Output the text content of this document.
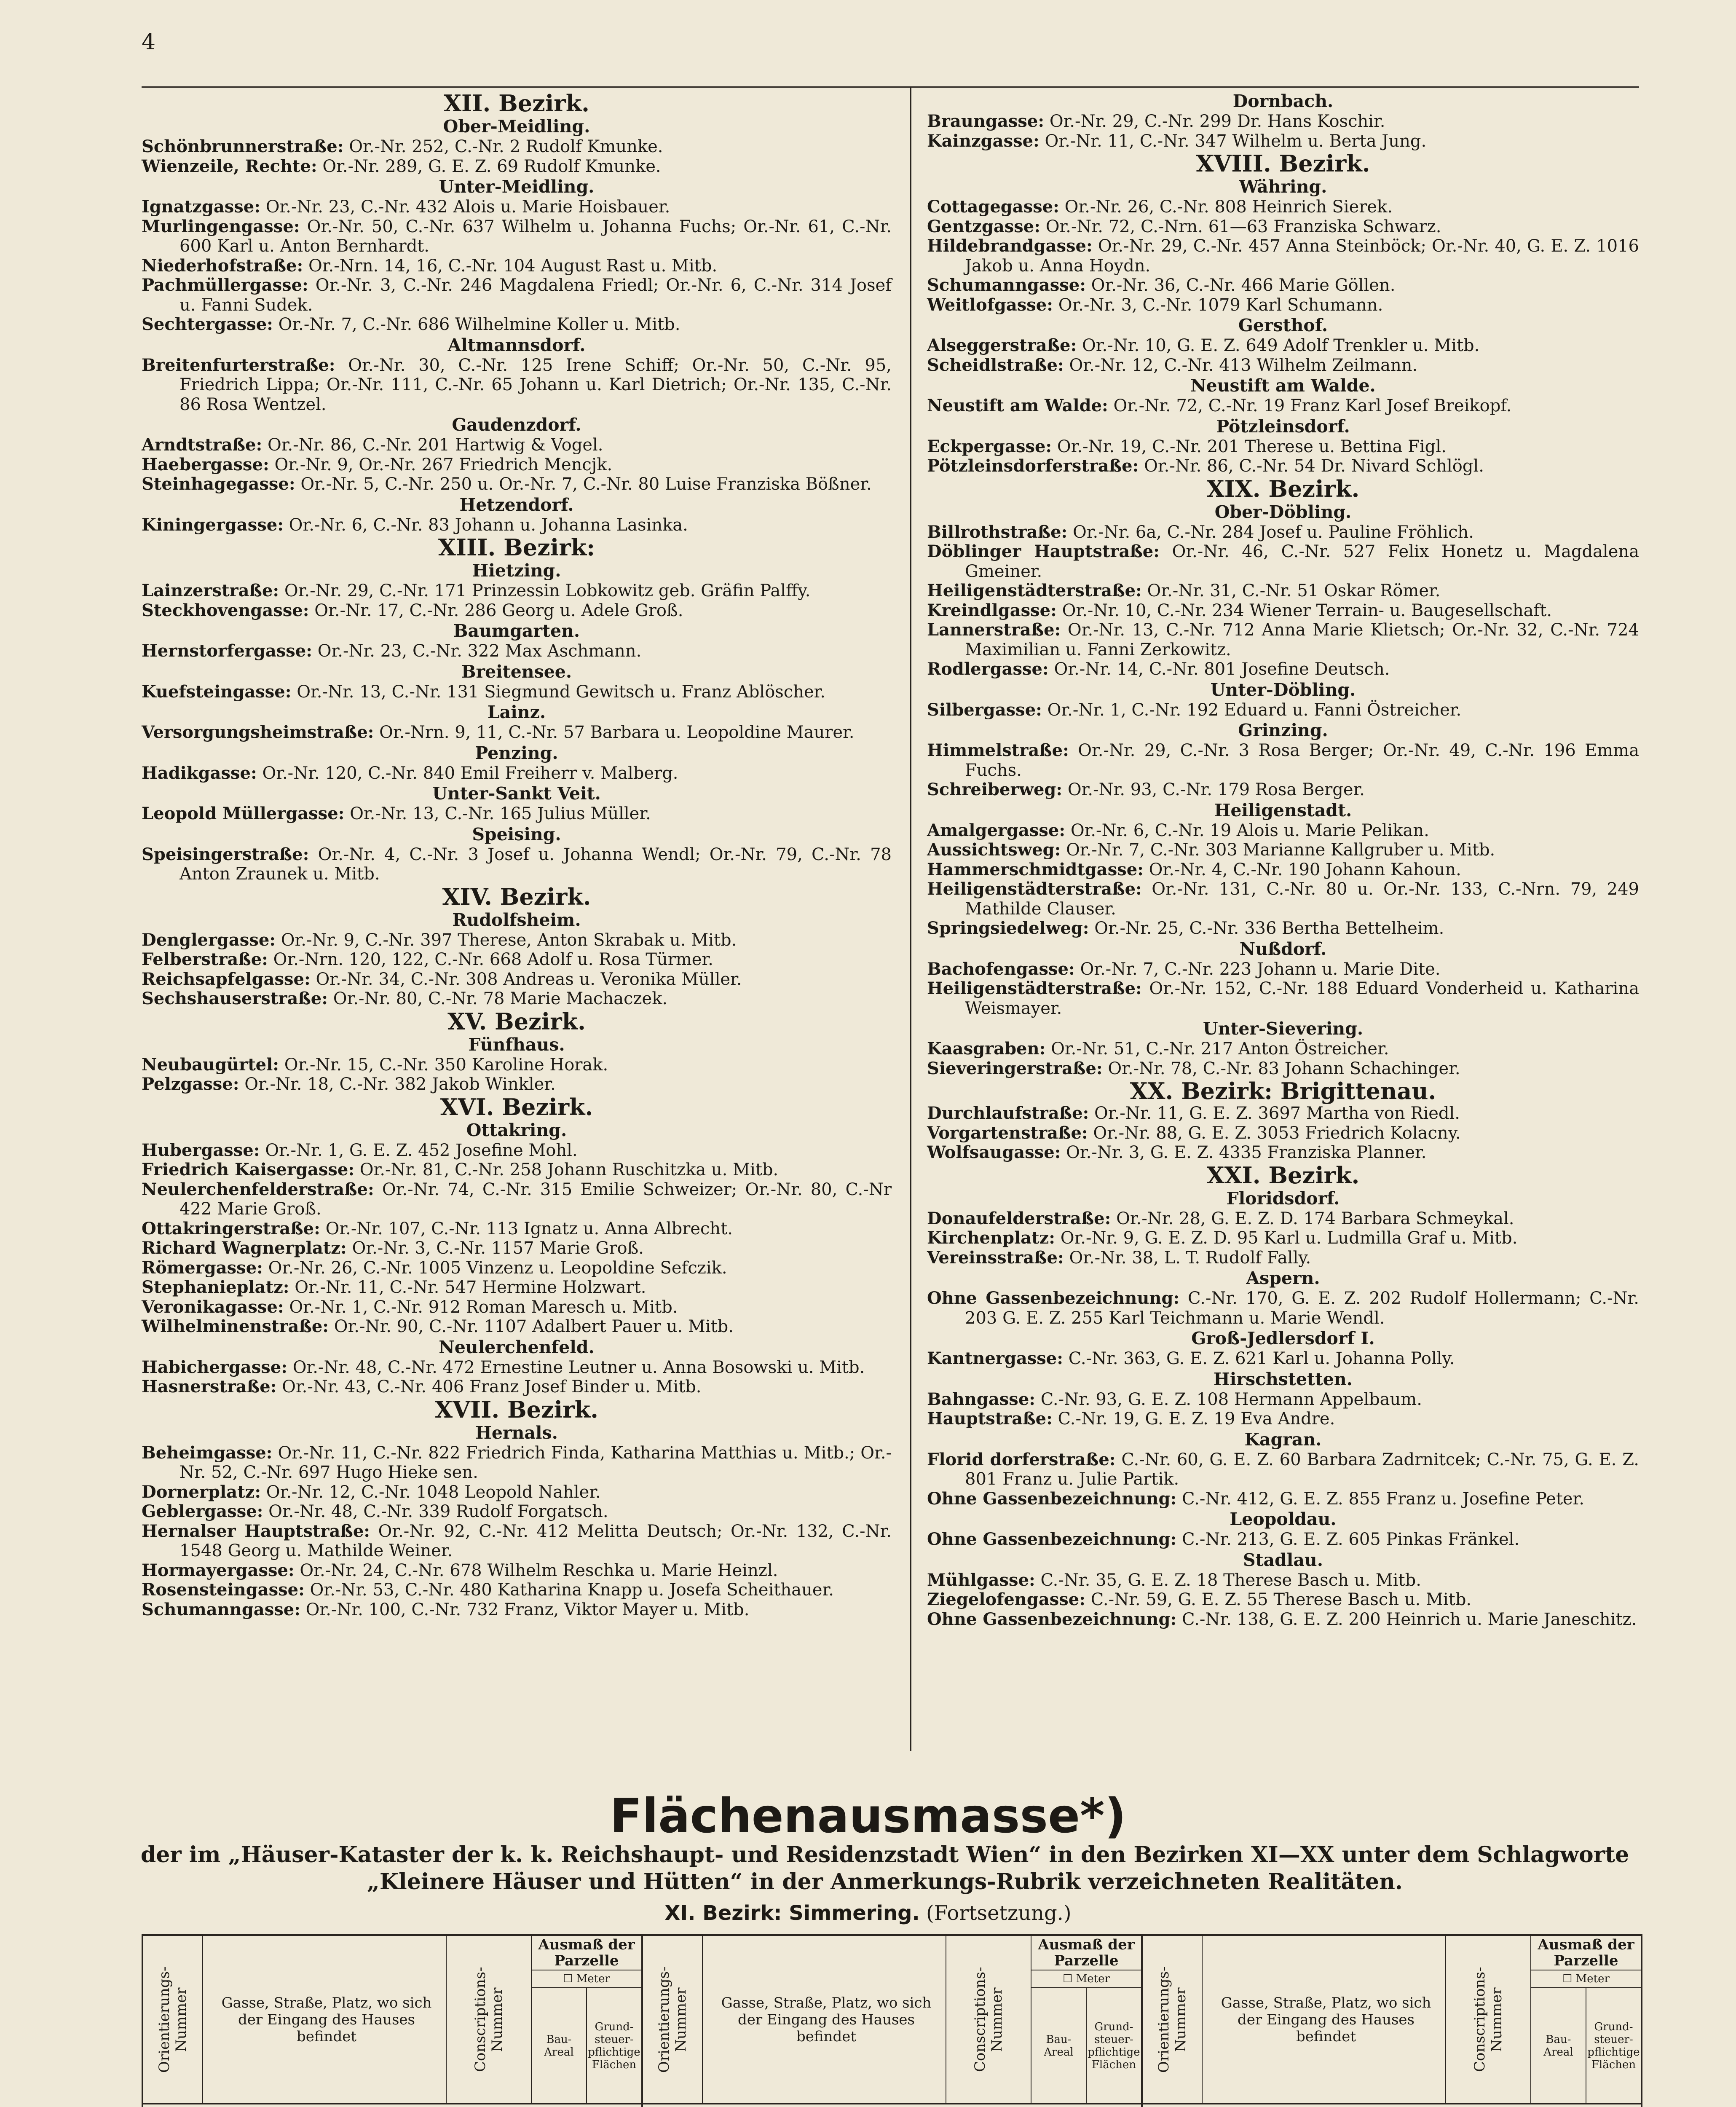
4
XII. Bezirk.
Ober-Meidling.
Schönbrunnerstraße: Or.-Nr. 252, C.-Nr. 2 Rudolf Kmunke.
Wienzeile, Rechte: Or.-Nr. 289, G. E. Z. 69 Rudolf Kmunke.
Unter-Meidling.
Ignatzgasse: Or.-Nr. 23, C.-Nr. 432 Alois u. Marie Hoisbauer.
Murlingengasse: Or.-Nr. 50, C.-Nr. 637 Wilhelm u. Johanna Fuchs; Or.-Nr. 61, C.-Nr. 600 Karl u. Anton Bernhardt.
Niederhofstraße: Or.-Nrn. 14, 16, C.-Nr. 104 August Rast u. Mitb.
Pachmüllergasse: Or.-Nr. 3, C.-Nr. 246 Magdalena Friedl; Or.-Nr. 6, C.-Nr. 314 Josef u. Fanni Sudek.
Sechtergasse: Or.-Nr. 7, C.-Nr. 686 Wilhelmine Koller u. Mitb.
Altmannsdorf.
Breitenfurterstraße: Or.-Nr. 30, C.-Nr. 125 Irene Schiff; Or.-Nr. 50, C.-Nr. 95, Friedrich Lippa; Or.-Nr. 111, C.-Nr. 65 Johann u. Karl Dietrich; Or.-Nr. 135, C.-Nr. 86 Rosa Wentzel.
Gaudenzdorf.
Arndtstraße: Or.-Nr. 86, C.-Nr. 201 Hartwig & Vogel.
Haebergasse: Or.-Nr. 9, Or.-Nr. 267 Friedrich Mencjk.
Steinhagegasse: Or.-Nr. 5, C.-Nr. 250 u. Or.-Nr. 7, C.-Nr. 80 Luise Franziska Bößner.
Hetzendorf.
Kiningergasse: Or.-Nr. 6, C.-Nr. 83 Johann u. Johanna Lasinka.
XIII. Bezirk:
Hietzing.
Lainzerstraße: Or.-Nr. 29, C.-Nr. 171 Prinzessin Lobkowitz geb. Gräfin Palffy.
Steckhovengasse: Or.-Nr. 17, C.-Nr. 286 Georg u. Adele Groß.
Baumgarten.
Hernstorfergasse: Or.-Nr. 23, C.-Nr. 322 Max Aschmann.
Breitensee.
Kuefsteingasse: Or.-Nr. 13, C.-Nr. 131 Siegmund Gewitsch u. Franz Ablöscher.
Lainz.
Versorgungsheimstraße: Or.-Nrn. 9, 11, C.-Nr. 57 Barbara u. Leopoldine Maurer.
Penzing.
Hadikgasse: Or.-Nr. 120, C.-Nr. 840 Emil Freiherr v. Malberg.
Unter-Sankt Veit.
Leopold Müllergasse: Or.-Nr. 13, C.-Nr. 165 Julius Müller.
Speising.
Speisingerstraße: Or.-Nr. 4, C.-Nr. 3 Josef u. Johanna Wendl; Or.-Nr. 79, C.-Nr. 78 Anton Zraunek u. Mitb.
XIV. Bezirk.
Rudolfsheim.
Denglergasse: Or.-Nr. 9, C.-Nr. 397 Therese, Anton Skrabak u. Mitb.
Felberstraße: Or.-Nrn. 120, 122, C.-Nr. 668 Adolf u. Rosa Türmer.
Reichsapfelgasse: Or.-Nr. 34, C.-Nr. 308 Andreas u. Veronika Müller.
Sechshauserstraße: Or.-Nr. 80, C.-Nr. 78 Marie Machaczek.
XV. Bezirk.
Fünfhaus.
Neubaugürtel: Or.-Nr. 15, C.-Nr. 350 Karoline Horak.
Pelzgasse: Or.-Nr. 18, C.-Nr. 382 Jakob Winkler.
XVI. Bezirk.
Ottakring.
Hubergasse: Or.-Nr. 1, G. E. Z. 452 Josefine Mohl.
Friedrich Kaisergasse: Or.-Nr. 81, C.-Nr. 258 Johann Ruschitzka u. Mitb.
Neulerchenfelderstraße: Or.-Nr. 74, C.-Nr. 315 Emilie Schweizer; Or.-Nr. 80, C.-Nr 422 Marie Groß.
Ottakringerstraße: Or.-Nr. 107, C.-Nr. 113 Ignatz u. Anna Albrecht.
Richard Wagnerplatz: Or.-Nr. 3, C.-Nr. 1157 Marie Groß.
Römergasse: Or.-Nr. 26, C.-Nr. 1005 Vinzenz u. Leopoldine Sefczik.
Stephanieplatz: Or.-Nr. 11, C.-Nr. 547 Hermine Holzwart.
Veronikagasse: Or.-Nr. 1, C.-Nr. 912 Roman Maresch u. Mitb.
Wilhelminenstraße: Or.-Nr. 90, C.-Nr. 1107 Adalbert Pauer u. Mitb.
Neulerchenfeld.
Habichergasse: Or.-Nr. 48, C.-Nr. 472 Ernestine Leutner u. Anna Bosowski u. Mitb.
Hasnerstraße: Or.-Nr. 43, C.-Nr. 406 Franz Josef Binder u. Mitb.
XVII. Bezirk.
Hernals.
Beheimgasse: Or.-Nr. 11, C.-Nr. 822 Friedrich Finda, Katharina Matthias u. Mitb.; Or.-Nr. 52, C.-Nr. 697 Hugo Hieke sen.
Dornerplatz: Or.-Nr. 12, C.-Nr. 1048 Leopold Nahler.
Geblergasse: Or.-Nr. 48, C.-Nr. 339 Rudolf Forgatsch.
Hernalser Hauptstraße: Or.-Nr. 92, C.-Nr. 412 Melitta Deutsch; Or.-Nr. 132, C.-Nr. 1548 Georg u. Mathilde Weiner.
Hormayergasse: Or.-Nr. 24, C.-Nr. 678 Wilhelm Reschka u. Marie Heinzl.
Rosensteingasse: Or.-Nr. 53, C.-Nr. 480 Katharina Knapp u. Josefa Scheithauer.
Schumanngasse: Or.-Nr. 100, C.-Nr. 732 Franz, Viktor Mayer u. Mitb.
Dornbach.
Braungasse: Or.-Nr. 29, C.-Nr. 299 Dr. Hans Koschir.
Kainzgasse: Or.-Nr. 11, C.-Nr. 347 Wilhelm u. Berta Jung.
XVIII. Bezirk.
Währing.
Cottagegasse: Or.-Nr. 26, C.-Nr. 808 Heinrich Sierek.
Gentzgasse: Or.-Nr. 72, C.-Nrn. 61—63 Franziska Schwarz.
Hildebrandgasse: Or.-Nr. 29, C.-Nr. 457 Anna Steinböck; Or.-Nr. 40, G. E. Z. 1016 Jakob u. Anna Hoydn.
Schumanngasse: Or.-Nr. 36, C.-Nr. 466 Marie Göllen.
Weitlofgasse: Or.-Nr. 3, C.-Nr. 1079 Karl Schumann.
Gersthof.
Alseggerstraße: Or.-Nr. 10, G. E. Z. 649 Adolf Trenkler u. Mitb.
Scheidlstraße: Or.-Nr. 12, C.-Nr. 413 Wilhelm Zeilmann.
Neustift am Walde.
Neustift am Walde: Or.-Nr. 72, C.-Nr. 19 Franz Karl Josef Breikopf.
Pötzleinsdorf.
Eckpergasse: Or.-Nr. 19, C.-Nr. 201 Therese u. Bettina Figl.
Pötzleinsdorferstraße: Or.-Nr. 86, C.-Nr. 54 Dr. Nivard Schlögl.
XIX. Bezirk.
Ober-Döbling.
Billrothstraße: Or.-Nr. 6a, C.-Nr. 284 Josef u. Pauline Fröhlich.
Döblinger Hauptstraße: Or.-Nr. 46, C.-Nr. 527 Felix Honetz u. Magdalena Gmeiner.
Heiligenstädterstraße: Or.-Nr. 31, C.-Nr. 51 Oskar Römer.
Kreindlgasse: Or.-Nr. 10, C.-Nr. 234 Wiener Terrain- u. Baugesellschaft.
Lannerstraße: Or.-Nr. 13, C.-Nr. 712 Anna Marie Klietsch; Or.-Nr. 32, C.-Nr. 724 Maximilian u. Fanni Zerkowitz.
Rodlergasse: Or.-Nr. 14, C.-Nr. 801 Josefine Deutsch.
Unter-Döbling.
Silbergasse: Or.-Nr. 1, C.-Nr. 192 Eduard u. Fanni Östreicher.
Grinzing.
Himmelstraße: Or.-Nr. 29, C.-Nr. 3 Rosa Berger; Or.-Nr. 49, C.-Nr. 196 Emma Fuchs.
Schreiberweg: Or.-Nr. 93, C.-Nr. 179 Rosa Berger.
Heiligenstadt.
Amalgergasse: Or.-Nr. 6, C.-Nr. 19 Alois u. Marie Pelikan.
Aussichtsweg: Or.-Nr. 7, C.-Nr. 303 Marianne Kallgruber u. Mitb.
Hammerschmidtgasse: Or.-Nr. 4, C.-Nr. 190 Johann Kahoun.
Heiligenstädterstraße: Or.-Nr. 131, C.-Nr. 80 u. Or.-Nr. 133, C.-Nrn. 79, 249 Mathilde Clauser.
Springsiedelweg: Or.-Nr. 25, C.-Nr. 336 Bertha Bettelheim.
Nußdorf.
Bachofengasse: Or.-Nr. 7, C.-Nr. 223 Johann u. Marie Dite.
Heiligenstädterstraße: Or.-Nr. 152, C.-Nr. 188 Eduard Vonderheid u. Katharina Weismayer.
Unter-Sievering.
Kaasgraben: Or.-Nr. 51, C.-Nr. 217 Anton Östreicher.
Sieveringerstraße: Or.-Nr. 78, C.-Nr. 83 Johann Schachinger.
XX. Bezirk: Brigittenau.
Durchlaufstraße: Or.-Nr. 11, G. E. Z. 3697 Martha von Riedl.
Vorgartenstraße: Or.-Nr. 88, G. E. Z. 3053 Friedrich Kolacny.
Wolfsaugasse: Or.-Nr. 3, G. E. Z. 4335 Franziska Planner.
XXI. Bezirk.
Floridsdorf.
Donaufelderstraße: Or.-Nr. 28, G. E. Z. D. 174 Barbara Schmeykal.
Kirchenplatz: Or.-Nr. 9, G. E. Z. D. 95 Karl u. Ludmilla Graf u. Mitb.
Vereinsstraße: Or.-Nr. 38, L. T. Rudolf Fally.
Aspern.
Ohne Gassenbezeichnung: C.-Nr. 170, G. E. Z. 202 Rudolf Hollermann; C.-Nr. 203 G. E. Z. 255 Karl Teichmann u. Marie Wendl.
Groß-Jedlersdorf I.
Kantnergasse: C.-Nr. 363, G. E. Z. 621 Karl u. Johanna Polly.
Hirschstetten.
Bahngasse: C.-Nr. 93, G. E. Z. 108 Hermann Appelbaum.
Hauptstraße: C.-Nr. 19, G. E. Z. 19 Eva Andre.
Kagran.
Florid dorferstraße: C.-Nr. 60, G. E. Z. 60 Barbara Zadrnitcek; C.-Nr. 75, G. E. Z. 801 Franz u. Julie Partik.
Ohne Gassenbezeichnung: C.-Nr. 412, G. E. Z. 855 Franz u. Josefine Peter.
Leopoldau.
Ohne Gassenbezeichnung: C.-Nr. 213, G. E. Z. 605 Pinkas Fränkel.
Stadlau.
Mühlgasse: C.-Nr. 35, G. E. Z. 18 Therese Basch u. Mitb.
Ziegelofengasse: C.-Nr. 59, G. E. Z. 55 Therese Basch u. Mitb.
Ohne Gassenbezeichnung: C.-Nr. 138, G. E. Z. 200 Heinrich u. Marie Janeschitz.
Flächenausmasse*)
der im „Häuser-Kataster der k. k. Reichshaupt- und Residenzstadt Wien“ in den Bezirken XI—XX unter dem Schlagworte
„Kleinere Häuser und Hütten“ in der Anmerkungs-Rubrik verzeichneten Realitäten.
XI. Bezirk: Simmering. (Fortsetzung.)
Orientierungs-Nummer	Gasse, Straße, Platz, wo sich der Eingang des Hauses befindet	Conscriptions-Nummer
Ausmaß der Parzelle
☐ Meter
Bau-Areal
Grund-steuer-pflichtige Flächen	Orientierungs-Nummer	Gasse, Straße, Platz, wo sich der Eingang des Hauses befindet	Conscriptions-Nummer
Ausmaß der Parzelle
☐ Meter
Bau-Areal
Grund-steuer-pflichtige Flächen	Orientierungs-Nummer	Gasse, Straße, Platz, wo sich der Eingang des Hauses befindet	Conscriptions-Nummer
Ausmaß der Parzelle
☐ Meter
Bau-Areal
Grund-steuer-pflichtige Flächen
